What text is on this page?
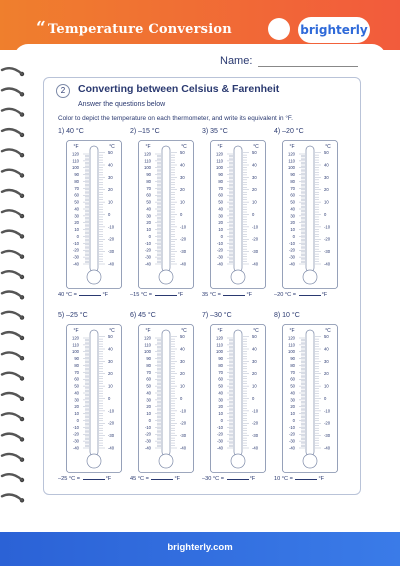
“ Temperature Conversion	brighterly
Name:
2	Converting between Celsius & Farenheit
Answer the questions below
Color to depict the temperature on each thermometer, and write its equivalent in °F.
1) 40 °C
°F	°C
120
110
100
90
80
70
60
50
40
30
20
10
0
-10
-20
-30
-40
50
40
30
20
10
0
-10
-20
-30
-40
40 °C =	°F
2) –15 °C
°F	°C
120
110
100
90
80
70
60
50
40
30
20
10
0
-10
-20
-30
-40
50
40
30
20
10
0
-10
-20
-30
-40
–15 °C =	°F
3) 35 °C
°F	°C
120
110
100
90
80
70
60
50
40
30
20
10
0
-10
-20
-30
-40
50
40
30
20
10
0
-10
-20
-30
-40
35 °C =	°F
4) –20 °C
°F	°C
120
110
100
90
80
70
60
50
40
30
20
10
0
-10
-20
-30
-40
50
40
30
20
10
0
-10
-20
-30
-40
–20 °C =	°F
5) –25 °C
°F	°C
120
110
100
90
80
70
60
50
40
30
20
10
0
-10
-20
-30
-40
50
40
30
20
10
0
-10
-20
-30
-40
–25 °C =	°F
6) 45 °C
°F	°C
120
110
100
90
80
70
60
50
40
30
20
10
0
-10
-20
-30
-40
50
40
30
20
10
0
-10
-20
-30
-40
45 °C =	°F
7) –30 °C
°F	°C
120
110
100
90
80
70
60
50
40
30
20
10
0
-10
-20
-30
-40
50
40
30
20
10
0
-10
-20
-30
-40
–30 °C =	°F
8) 10 °C
°F	°C
120
110
100
90
80
70
60
50
40
30
20
10
0
-10
-20
-30
-40
50
40
30
20
10
0
-10
-20
-30
-40
10 °C =	°F
brighterly.com
